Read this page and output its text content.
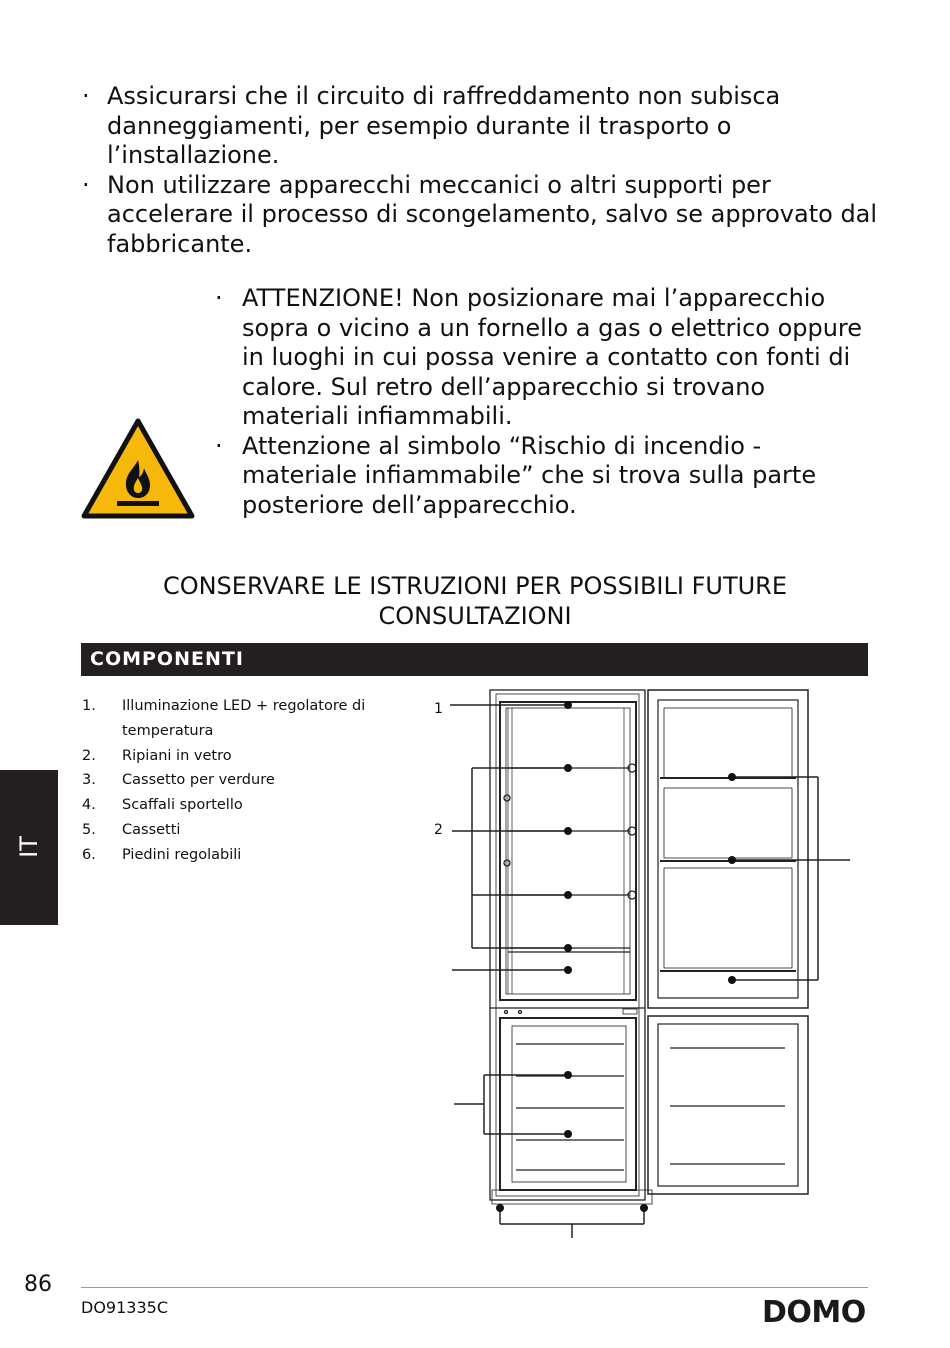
· Assicurarsi che il circuito di raffreddamento non subisca danneggiamenti, per esempio durante il trasporto o l’installazione.
· Non utilizzare apparecchi meccanici o altri supporti per accelerare il processo di scongelamento, salvo se approvato dal fabbricante.
· ATTENZIONE! Non posizionare mai l’apparecchio sopra o vicino a un fornello a gas o elettrico oppure in luoghi in cui possa venire a contatto con fonti di calore. Sul retro dell’apparecchio si trovano materiali infiammabili.
· Attenzione al simbolo “Rischio di incendio - materiale infiammabile” che si trova sulla parte posteriore dell’apparecchio.
CONSERVARE LE ISTRUZIONI PER POSSIBILI FUTURE CONSULTAZIONI
COMPONENTI
1. Illuminazione LED + regolatore di temperatura
2. Ripiani in vetro
3. Cassetto per verdure
4. Scaffali sportello
5. Cassetti
6. Piedini regolabili
1
2
IT
86
DO91335C	DOMO
